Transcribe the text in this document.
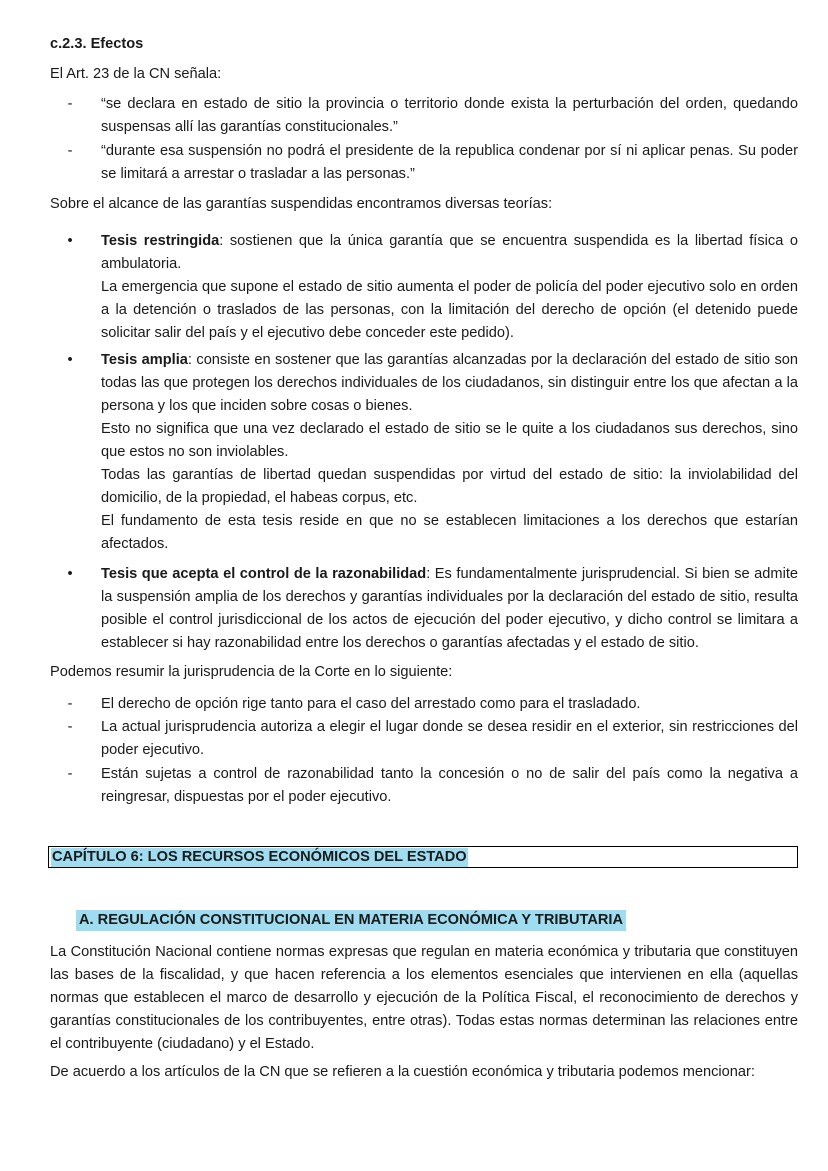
c.2.3. Efectos

El Art. 23 de la CN señala:

-	“se declara en estado de sitio la provincia o territorio donde exista la perturbación del orden, quedando suspensas allí las garantías constitucionales.”
-	“durante esa suspensión no podrá el presidente de la republica condenar por sí ni aplicar penas. Su poder se limitará a arrestar o trasladar a las personas.”

Sobre el alcance de las garantías suspendidas encontramos diversas teorías:

•	Tesis restringida: sostienen que la única garantía que se encuentra suspendida es la libertad física o ambulatoria.
La emergencia que supone el estado de sitio aumenta el poder de policía del poder ejecutivo solo en orden a la detención o traslados de las personas, con la limitación del derecho de opción (el detenido puede solicitar salir del país y el ejecutivo debe conceder este pedido).
•	Tesis amplia: consiste en sostener que las garantías alcanzadas por la declaración del estado de sitio son todas las que protegen los derechos individuales de los ciudadanos, sin distinguir entre los que afectan a la persona y los que inciden sobre cosas o bienes.
Esto no significa que una vez declarado el estado de sitio se le quite a los ciudadanos sus derechos, sino que estos no son inviolables.
Todas las garantías de libertad quedan suspendidas por virtud del estado de sitio: la inviolabilidad del domicilio, de la propiedad, el habeas corpus, etc.
El fundamento de esta tesis reside en que no se establecen limitaciones a los derechos que estarían afectados.
•	Tesis que acepta el control de la razonabilidad: Es fundamentalmente jurisprudencial. Si bien se admite la suspensión amplia de los derechos y garantías individuales por la declaración del estado de sitio, resulta posible el control jurisdiccional de los actos de ejecución del poder ejecutivo, y dicho control se limitara a establecer si hay razonabilidad entre los derechos o garantías afectadas y el estado de sitio.

Podemos resumir la jurisprudencia de la Corte en lo siguiente:

-	El derecho de opción rige tanto para el caso del arrestado como para el trasladado.
-	La actual jurisprudencia autoriza a elegir el lugar donde se desea residir en el exterior, sin restricciones del poder ejecutivo.
-	Están sujetas a control de razonabilidad tanto la concesión o no de salir del país como la negativa a reingresar, dispuestas por el poder ejecutivo.
CAPÍTULO 6: LOS RECURSOS ECONÓMICOS DEL ESTADO
A. REGULACIÓN CONSTITUCIONAL EN MATERIA ECONÓMICA Y TRIBUTARIA

La Constitución Nacional contiene normas expresas que regulan en materia económica y tributaria que constituyen las bases de la fiscalidad, y que hacen referencia a los elementos esenciales que intervienen en ella (aquellas normas que establecen el marco de desarrollo y ejecución de la Política Fiscal, el reconocimiento de derechos y garantías constitucionales de los contribuyentes, entre otras). Todas estas normas determinan las relaciones entre el contribuyente (ciudadano) y el Estado.

De acuerdo a los artículos de la CN que se refieren a la cuestión económica y tributaria podemos mencionar:
